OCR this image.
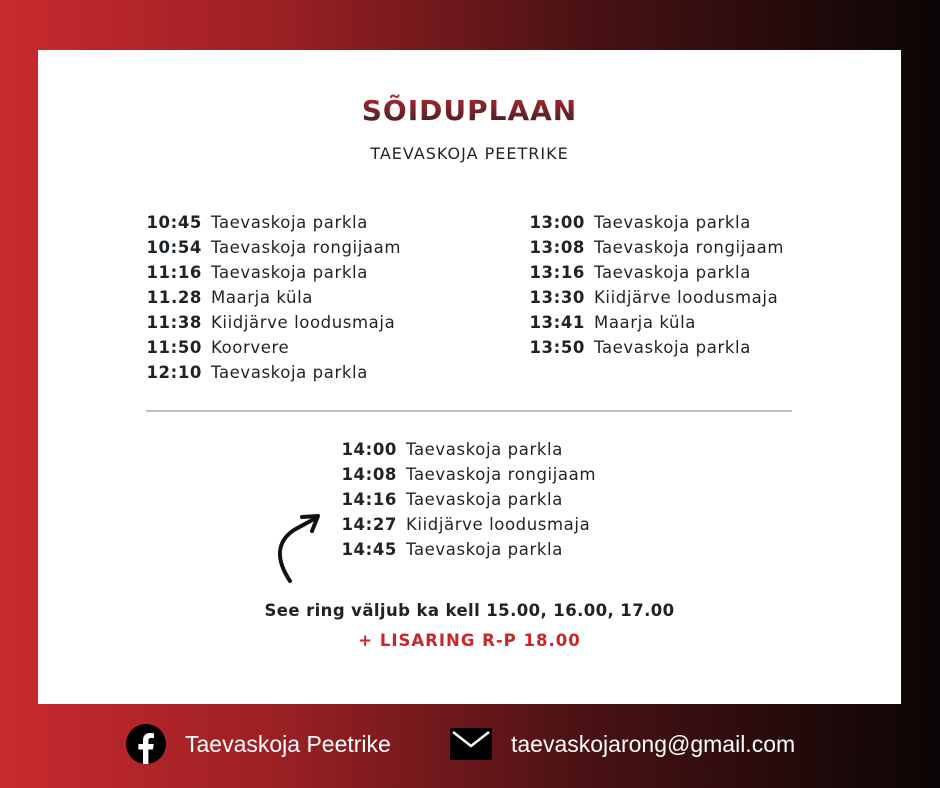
SÕIDUPLAAN
TAEVASKOJA PEETRIKE
10:45 Taevaskoja parkla
10:54 Taevaskoja rongijaam
11:16 Taevaskoja parkla
11.28 Maarja küla
11:38 Kiidjärve loodusmaja
11:50 Koorvere
12:10 Taevaskoja parkla
13:00 Taevaskoja parkla
13:08 Taevaskoja rongijaam
13:16 Taevaskoja parkla
13:30 Kiidjärve loodusmaja
13:41 Maarja küla
13:50 Taevaskoja parkla
14:00 Taevaskoja parkla
14:08 Taevaskoja rongijaam
14:16 Taevaskoja parkla
14:27 Kiidjärve loodusmaja
14:45 Taevaskoja parkla
See ring väljub ka kell 15.00, 16.00, 17.00
+ LISARING R-P 18.00
Taevaskoja Peetrike	taevaskojarong@gmail.com
